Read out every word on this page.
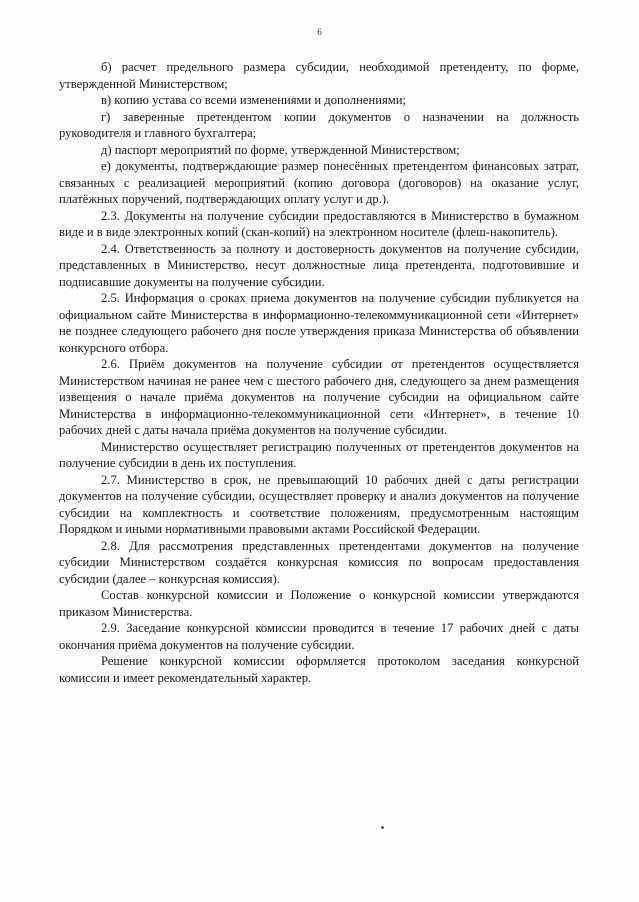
6

б) расчет предельного размера субсидии, необходимой претенденту, по форме, утвержденной Министерством;

в) копию устава со всеми изменениями и дополнениями;

г) заверенные претендентом копии документов о назначении на должность руководителя и главного бухгалтера;

д) паспорт мероприятий по форме, утвержденной Министерством;

е) документы, подтверждающие размер понесённых претендентом финансовых затрат, связанных с реализацией мероприятий (копию договора (договоров) на оказание услуг, платёжных поручений, подтверждающих оплату услуг и др.).

2.3. Документы на получение субсидии предоставляются в Министерство в бумажном виде и в виде электронных копий (скан-копий) на электронном носителе (флеш-накопитель).

2.4. Ответственность за полноту и достоверность документов на получение субсидии, представленных в Министерство, несут должностные лица претендента, подготовившие и подписавшие документы на получение субсидии.

2.5. Информация о сроках приема документов на получение субсидии публикуется на официальном сайте Министерства в информационно-телекоммуникационной сети «Интернет» не позднее следующего рабочего дня после утверждения приказа Министерства об объявлении конкурсного отбора.

2.6. Приём документов на получение субсидии от претендентов осуществляется Министерством начиная не ранее чем с шестого рабочего дня, следующего за днем размещения извещения о начале приёма документов на получение субсидии на официальном сайте Министерства в информационно-телекоммуникационной сети «Интернет», в течение 10 рабочих дней с даты начала приёма документов на получение субсидии.

Министерство осуществляет регистрацию полученных от претендентов документов на получение субсидии в день их поступления.

2.7. Министерство в срок, не превышающий 10 рабочих дней с даты регистрации документов на получение субсидии, осуществляет проверку и анализ документов на получение субсидии на комплектность и соответствие положениям, предусмотренным настоящим Порядком и иными нормативными правовыми актами Российской Федерации.

2.8. Для рассмотрения представленных претендентами документов на получение субсидии Министерством создаётся конкурсная комиссия по вопросам предоставления субсидии (далее – конкурсная комиссия).

Состав конкурсной комиссии и Положение о конкурсной комиссии утверждаются приказом Министерства.

2.9. Заседание конкурсной комиссии проводится в течение 17 рабочих дней с даты окончания приёма документов на получение субсидии.

Решение конкурсной комиссии оформляется протоколом заседания конкурсной комиссии и имеет рекомендательный характер.
